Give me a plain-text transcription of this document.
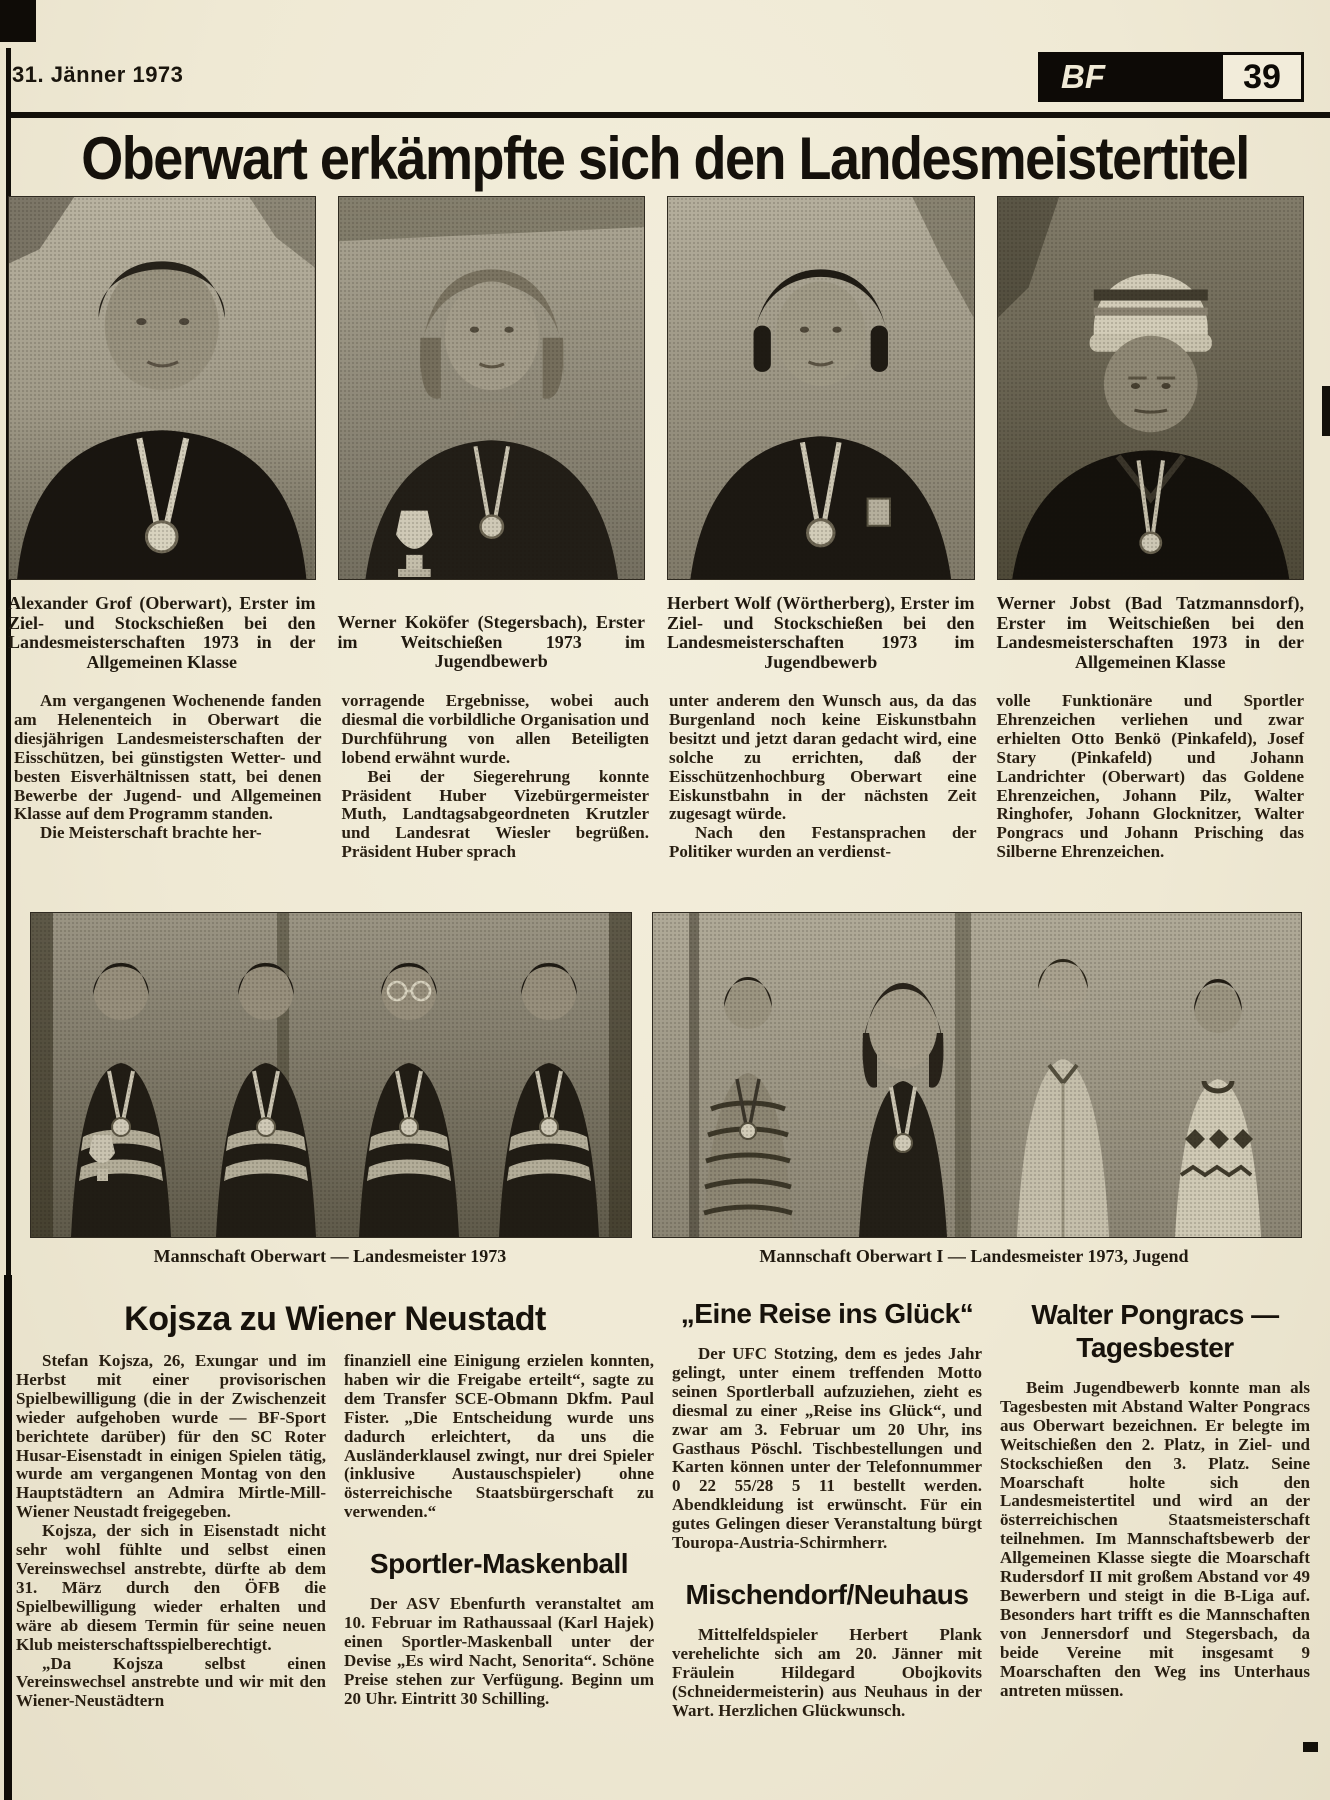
31. Jänner 1973	BF	39
Oberwart erkämpfte sich den Landesmeistertitel
Alexander Grof (Oberwart), Erster im Ziel- und Stockschießen bei den Landesmeisterschaften 1973 in der Allgemeinen Klasse
Werner Koköfer (Stegersbach), Erster im Weitschießen 1973 im Jugendbewerb
Herbert Wolf (Wörtherberg), Erster im Ziel- und Stockschießen bei den Landesmeisterschaften 1973 im Jugendbewerb
Werner Jobst (Bad Tatzmannsdorf), Erster im Weitschießen bei den Landesmeisterschaften 1973 in der Allgemeinen Klasse

Am vergangenen Wochenende fanden am Helenenteich in Oberwart die diesjährigen Landesmeisterschaften der Eisschützen, bei günstigsten Wetter- und besten Eisverhältnissen statt, bei denen Bewerbe der Jugend- und Allgemeinen Klasse auf dem Programm standen.

Die Meisterschaft brachte her-

vorragende Ergebnisse, wobei auch diesmal die vorbildliche Organisation und Durchführung von allen Beteiligten lobend erwähnt wurde.

Bei der Siegerehrung konnte Präsident Huber Vizebürgermeister Muth, Landtagsabgeordneten Krutzler und Landesrat Wiesler begrüßen. Präsident Huber sprach

unter anderem den Wunsch aus, da das Burgenland noch keine Eiskunstbahn besitzt und jetzt daran gedacht wird, eine solche zu errichten, daß der Eisschützenhochburg Oberwart eine Eiskunstbahn in der nächsten Zeit zugesagt würde.

Nach den Festansprachen der Politiker wurden an verdienst-

volle Funktionäre und Sportler Ehrenzeichen verliehen und zwar erhielten Otto Benkö (Pinkafeld), Josef Stary (Pinkafeld) und Johann Landrichter (Oberwart) das Goldene Ehrenzeichen, Johann Pilz, Walter Ringhofer, Johann Glocknitzer, Walter Pongracs und Johann Prisching das Silberne Ehrenzeichen.

Mannschaft Oberwart — Landesmeister 1973	Mannschaft Oberwart I — Landesmeister 1973, Jugend
Kojsza zu Wiener Neustadt

Stefan Kojsza, 26, Exungar und im Herbst mit einer provisorischen Spielbewilligung (die in der Zwischenzeit wieder aufgehoben wurde — BF-Sport berichtete darüber) für den SC Roter Husar-Eisenstadt in einigen Spielen tätig, wurde am vergangenen Montag von den Hauptstädtern an Admira Mirtle-Mill-Wiener Neustadt freigegeben.

Kojsza, der sich in Eisenstadt nicht sehr wohl fühlte und selbst einen Vereinswechsel anstrebte, dürfte ab dem 31. März durch den ÖFB die Spielbewilligung wieder erhalten und wäre ab diesem Termin für seine neuen Klub meisterschaftsspielberechtigt.

„Da Kojsza selbst einen Vereinswechsel anstrebte und wir mit den Wiener-Neustädtern

finanziell eine Einigung erzielen konnten, haben wir die Freigabe erteilt“, sagte zu dem Transfer SCE-Obmann Dkfm. Paul Fister. „Die Entscheidung wurde uns dadurch erleichtert, da uns die Ausländerklausel zwingt, nur drei Spieler (inklusive Austauschspieler) ohne österreichische Staatsbürgerschaft zu verwenden.“

Sportler-Maskenball

Der ASV Ebenfurth veranstaltet am 10. Februar im Rathaussaal (Karl Hajek) einen Sportler-Maskenball unter der Devise „Es wird Nacht, Senorita“. Schöne Preise stehen zur Verfügung. Beginn um 20 Uhr. Eintritt 30 Schilling.

„Eine Reise ins Glück“

Der UFC Stotzing, dem es jedes Jahr gelingt, unter einem treffenden Motto seinen Sportlerball aufzuziehen, zieht es diesmal zu einer „Reise ins Glück“, und zwar am 3. Februar um 20 Uhr, ins Gasthaus Pöschl. Tischbestellungen und Karten können unter der Telefonnummer 0 22 55/28 5 11 bestellt werden. Abendkleidung ist erwünscht. Für ein gutes Gelingen dieser Veranstaltung bürgt Touropa-Austria-Schirmherr.

Mischendorf/Neuhaus

Mittelfeldspieler Herbert Plank verehelichte sich am 20. Jänner mit Fräulein Hildegard Obojkovits (Schneidermeisterin) aus Neuhaus in der Wart. Herzlichen Glückwunsch.

Walter Pongracs —
Tagesbester

Beim Jugendbewerb konnte man als Tagesbesten mit Abstand Walter Pongracs aus Oberwart bezeichnen. Er belegte im Weitschießen den 2. Platz, in Ziel- und Stockschießen den 3. Platz. Seine Moarschaft holte sich den Landesmeistertitel und wird an der österreichischen Staatsmeisterschaft teilnehmen. Im Mannschaftsbewerb der Allgemeinen Klasse siegte die Moarschaft Rudersdorf II mit großem Abstand vor 49 Bewerbern und steigt in die B-Liga auf. Besonders hart trifft es die Mannschaften von Jennersdorf und Stegersbach, da beide Vereine mit insgesamt 9 Moarschaften den Weg ins Unterhaus antreten müssen.
